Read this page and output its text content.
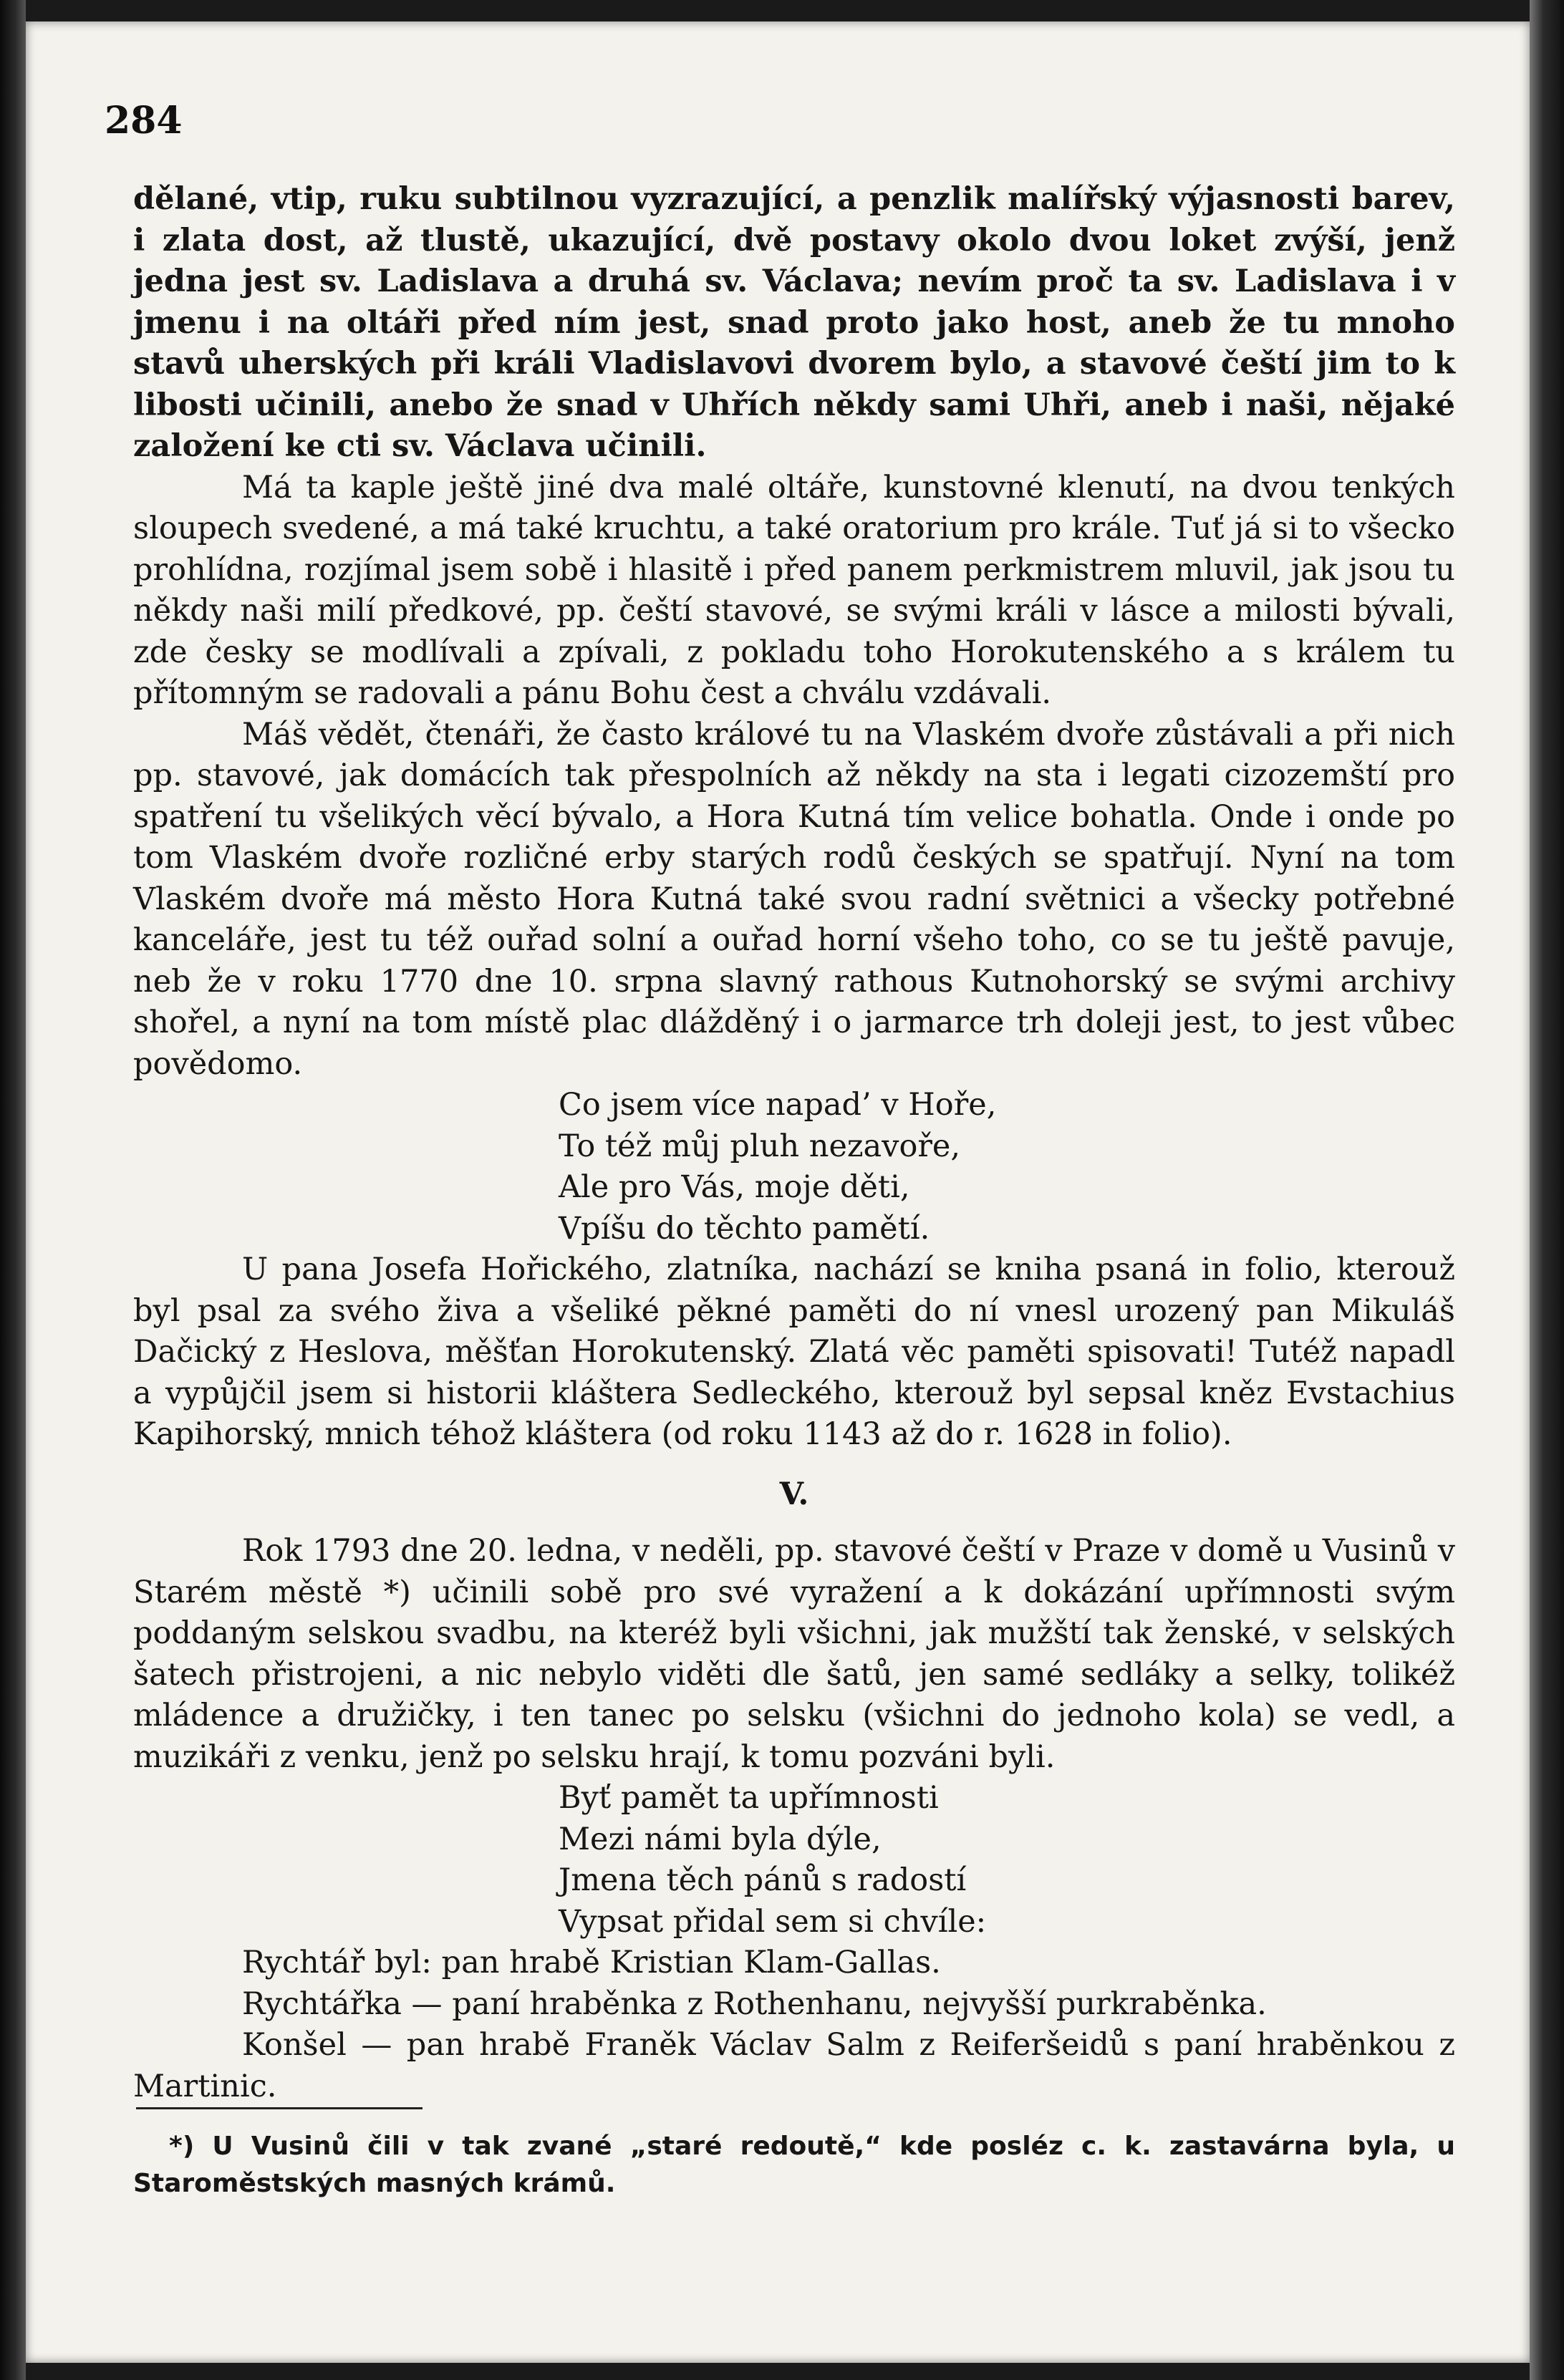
284

dělané, vtip, ruku subtilnou vyzrazující, a penzlik malířský výjasnosti barev, i zlata dost, až tlustě, ukazující, dvě postavy okolo dvou loket zvýší, jenž jedna jest sv. Ladislava a druhá sv. Václava; nevím proč ta sv. Ladislava i v jmenu i na oltáři před ním jest, snad proto jako host, aneb že tu mnoho stavů uherských při králi Vladislavovi dvorem bylo, a stavové čeští jim to k libosti učinili, anebo že snad v Uhřích někdy sami Uhři, aneb i naši, nějaké založení ke cti sv. Václava učinili.

Má ta kaple ještě jiné dva malé oltáře, kunstovné klenutí, na dvou tenkých sloupech svedené, a má také kruchtu, a také oratorium pro krále. Tuť já si to všecko prohlídna, rozjímal jsem sobě i hlasitě i před panem perkmistrem mluvil, jak jsou tu někdy naši milí předkové, pp. čeští stavové, se svými králi v lásce a milosti bývali, zde česky se modlívali a zpívali, z pokladu toho Horokutenského a s králem tu přítomným se radovali a pánu Bohu čest a chválu vzdávali.

Máš vědět, čtenáři, že často králové tu na Vlaském dvoře zůstávali a při nich pp. stavové, jak domácích tak přespolních až někdy na sta i legati cizozemští pro spatření tu všelikých věcí bývalo, a Hora Kutná tím velice bohatla. Onde i onde po tom Vlaském dvoře rozličné erby starých rodů českých se spatřují. Nyní na tom Vlaském dvoře má město Hora Kutná také svou radní světnici a všecky potřebné kanceláře, jest tu též ouřad solní a ouřad horní všeho toho, co se tu ještě pavuje, neb že v roku 1770 dne 10. srpna slavný rathous Kutnohorský se svými archivy shořel, a nyní na tom místě plac dlážděný i o jarmarce trh doleji jest, to jest vůbec povědomo.

Co jsem více napad’ v Hoře,
To též můj pluh nezavoře,
Ale pro Vás, moje děti,
Vpíšu do těchto pamětí.

U pana Josefa Hořického, zlatníka, nachází se kniha psaná in folio, kterouž byl psal za svého živa a všeliké pěkné paměti do ní vnesl urozený pan Mikuláš Dačický z Heslova, měšťan Horokutenský. Zlatá věc paměti spisovati! Tutéž napadl a vypůjčil jsem si historii kláštera Sedleckého, kterouž byl sepsal kněz Evstachius Kapihorský, mnich téhož kláštera (od roku 1143 až do r. 1628 in folio).

V.

Rok 1793 dne 20. ledna, v neděli, pp. stavové čeští v Praze v domě u Vusinů v Starém městě *) učinili sobě pro své vyražení a k dokázání upřímnosti svým poddaným selskou svadbu, na kteréž byli všichni, jak mužští tak ženské, v selských šatech přistrojeni, a nic nebylo viděti dle šatů, jen samé sedláky a selky, tolikéž mládence a družičky, i ten tanec po selsku (všichni do jednoho kola) se vedl, a muzikáři z venku, jenž po selsku hrají, k tomu pozváni byli.

Byť pamět ta upřímnosti
Mezi námi byla dýle,
Jmena těch pánů s radostí
Vypsat přidal sem si chvíle:

Rychtář byl: pan hrabě Kristian Klam-Gallas.

Rychtářka — paní hraběnka z Rothenhanu, nejvyšší purkraběnka.

Konšel — pan hrabě Franěk Václav Salm z Reiferšeidů s paní hraběnkou z Martinic.

*) U Vusinů čili v tak zvané „staré redoutě,“ kde posléz c. k. zastavárna byla, u Staroměstských masných krámů.
